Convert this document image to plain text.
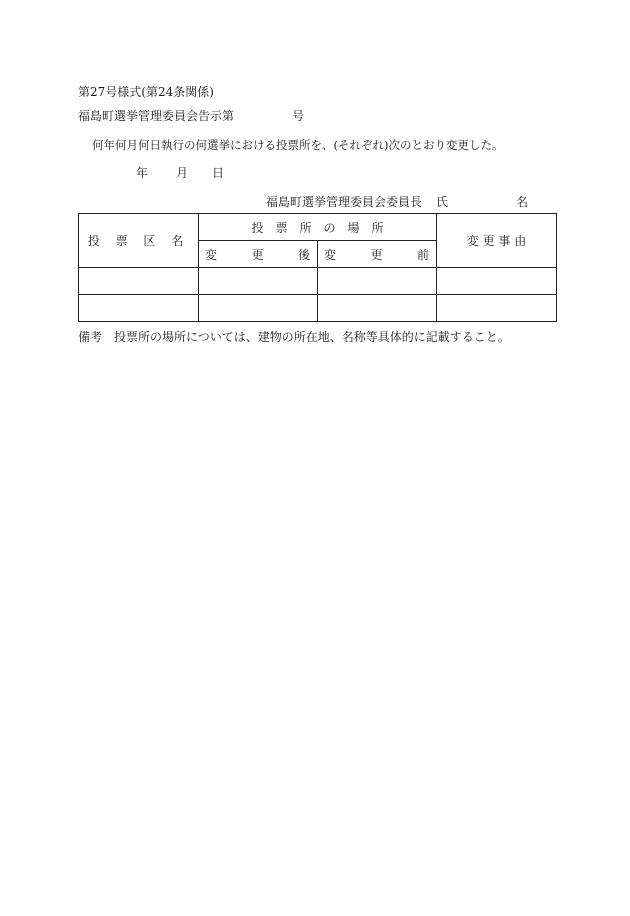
第27号様式(第24条関係)
福島町選挙管理委員会告示第	号
何年何月何日執行の何選挙における投票所を、(それぞれ)次のとおり変更した。
年 月 日
福島町選挙管理委員会委員長 氏	名
投 票 区 名	投　票　所　の　場　所		変 更 事 由

	変 更 後	変 更 前	

備考 投票所の場所については、建物の所在地、名称等具体的に記載すること。
